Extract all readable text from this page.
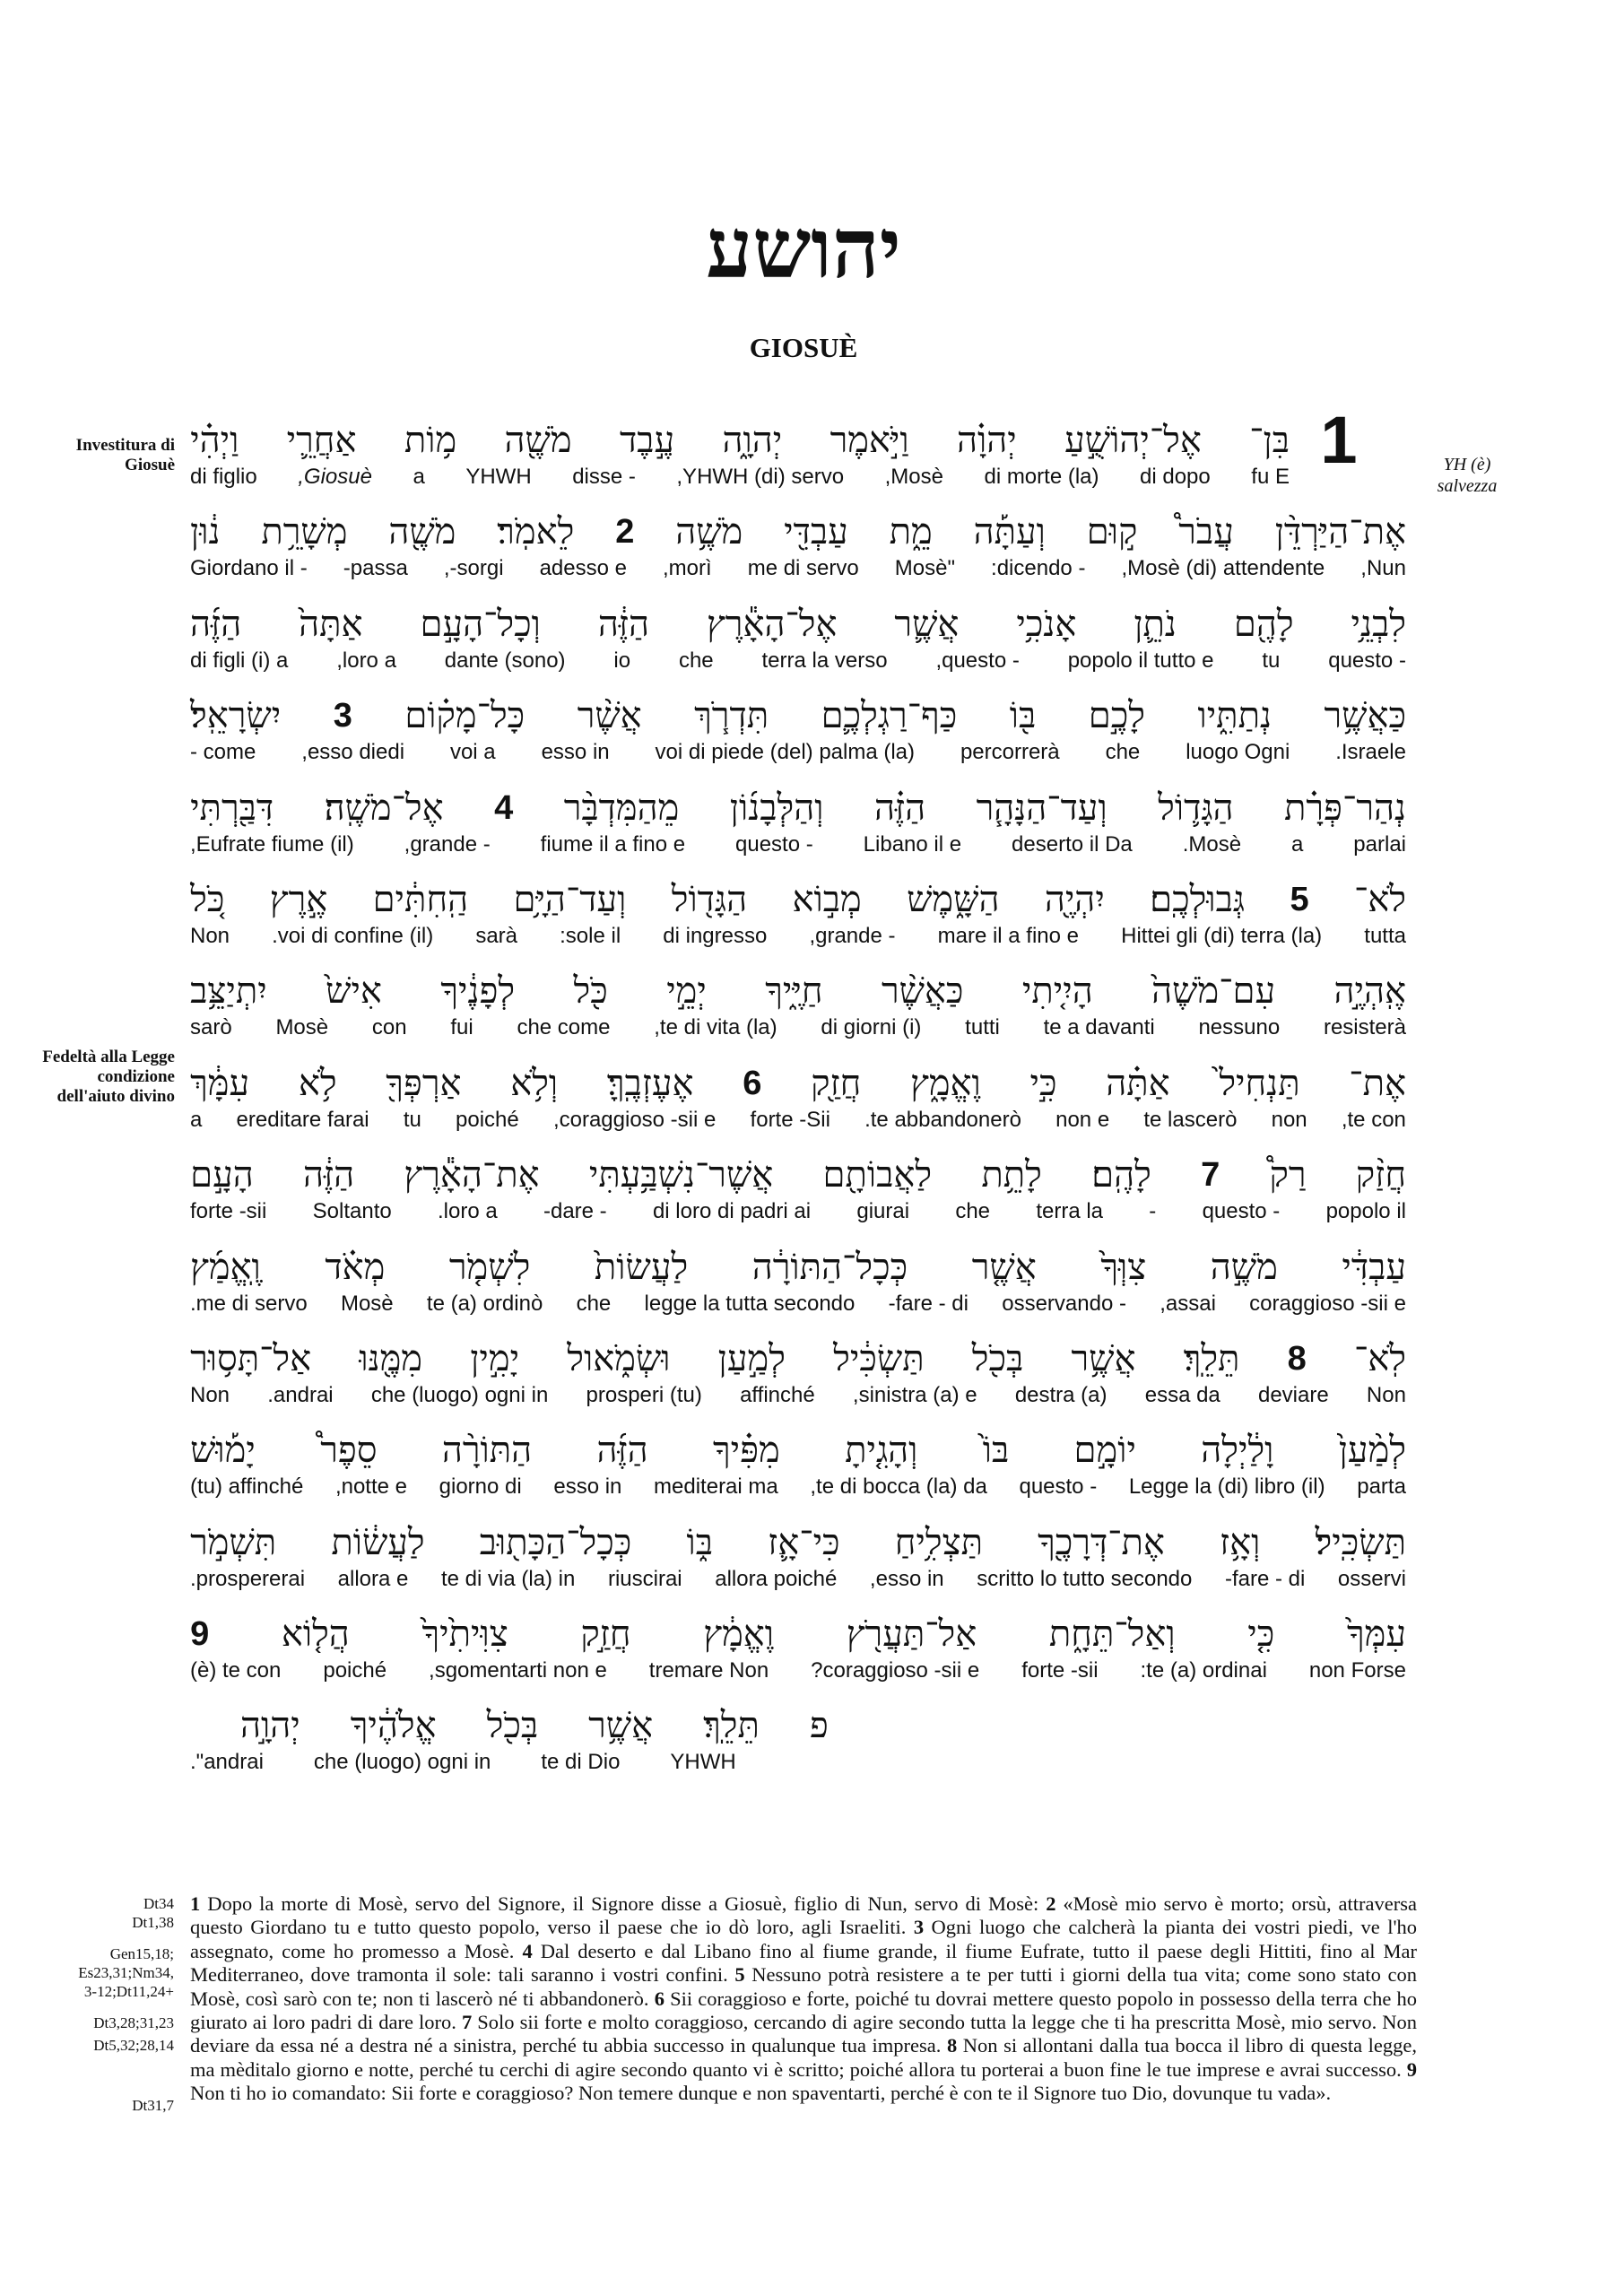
יהושע
GIOSUÈ
Investitura di Giosuè
Fedeltà alla Legge condizione dell'aiuto divino
YH (è) salvezza
1
וַיְהִ֗י אַחֲרֵ֛י מ֥וֹת מֹשֶׁ֖ה עֶ֣בֶד יְהוָ֑ה וַיֹּ֣אמֶר יְהוָ֗ה אֶל־יְהוֹשֻׁ֣עַ בִּן־
di figlio ,Giosuè a YHWH disse - ,YHWH (di) servo ,Mosè di morte (la) di dopo fu E
נ֔וּן מְשָׁרֵ֥ת מֹשֶׁ֖ה לֵאמֹֽר׃ 2 מֹשֶׁ֥ה עַבְדִּ֖י מֵ֑ת וְעַתָּ֡ה ק֣וּם עֲבֹר֩ אֶת־הַיַּרְדֵּ֨ן
Giordano il - -passa ,-sorgi adesso e ,morì me di servo Mosè" :dicendo - ,Mosè (di) attendente ,Nun
הַזֶּ֜ה אַתָּה֙ וְכָל־הָעָ֣ם הַזֶּ֔ה אֶל־הָאָ֕רֶץ אֲשֶׁ֛ר אָנֹכִ֥י נֹתֵ֛ן לָהֶ֖ם לִבְנֵ֥י
di figli (i) a ,loro a dante (sono) io che terra la verso ,questo - popolo il tutto e tu questo -
יִשְׂרָאֵֽל׃ 3 כָּל־מָק֗וֹם אֲשֶׁ֨ר תִּדְרֹ֧ךְ כַּף־רַגְלְכֶ֛ם בּ֖וֹ לָכֶ֣ם נְתַתִּ֑יו כַּאֲשֶׁ֥ר
- come ,esso diedi voi a esso in voi di piede (del) palma (la) percorrerà che luogo Ogni .Israele
דִּבַּ֖רְתִּי אֶל־מֹשֶֽׁה׃ 4 מֵהַמִּדְבָּ֨ר וְהַלְּבָנ֜וֹן הַזֶּ֗ה וְעַד־הַנָּהָ֧ר הַגָּד֛וֹל נְהַר־פְּרָ֗ת
,Eufrate fiume (il) ,grande - fiume il a fino e questo - Libano il e deserto il Da .Mosè a parlai
כֹּ֚ל אֶ֣רֶץ הַֽחִתִּ֔ים וְעַד־הַיָּ֥ם הַגָּד֖וֹל מְב֣וֹא הַשָּׁ֑מֶשׁ יִהְיֶ֖ה גְּבוּלְכֶֽם׃ 5 לֹא־
Non .voi di confine (il) sarà :sole il di ingresso ,grande - mare il a fino e Hittei gli (di) terra (la) tutta
יִתְיַצֵּ֥ב אִישׁ֙ לְפָנֶ֔יךָ כֹּ֖ל יְמֵ֣י חַיֶּ֑יךָ כַּאֲשֶׁ֨ר הָיִ֤יתִי עִם־מֹשֶׁה֙ אֶֽהְיֶ֣ה
sarò Mosè con fui che come ,te di vita (la) di giorni (i) tutti te a davanti nessuno resisterà
עִמָּ֔ךְ לֹ֥א אַרְפְּךָ֖ וְלֹ֥א אֶעֶזְבֶֽךָּ׃ 6 חֲזַ֖ק וֶאֱמָ֑ץ כִּ֣י אַתָּ֗ה תַּנְחִיל֙ אֶת־
a ereditare farai tu poiché ,coraggioso -sii e forte -Sii .te abbandonerò non e te lascerò non ,te con
הָעָ֣ם הַזֶּ֔ה אֶת־הָאָ֕רֶץ אֲשֶׁר־נִשְׁבַּ֥עְתִּי לַאֲבוֹתָ֖ם לָתֵ֥ת לָהֶֽם׃ 7 רַק֩ חֲזַ֨ק
forte -sii Soltanto .loro a -dare - di loro di padri ai giurai che terra la - questo - popolo il
וֶֽאֱמַ֜ץ מְאֹ֗ד לִשְׁמֹ֤ר לַעֲשׂוֹת֙ כְּכָל־הַתּוֹרָ֔ה אֲשֶׁ֤ר צִוְּךָ֙ מֹשֶׁ֣ה עַבְדִּ֔י
.me di servo Mosè te (a) ordinò che legge la tutta secondo -fare - di osservando - ,assai coraggioso -sii e
אַל־תָּס֥וּר מִמֶּ֖נּוּ יָמִ֣ין וּשְׂמֹ֑אול לְמַ֣עַן תַּשְׂכִּ֔יל בְּכֹ֖ל אֲשֶׁ֥ר תֵּלֵֽךְ׃ 8 לֹֽא־
Non .andrai che (luogo) ogni in prosperi (tu) affinché ,sinistra (a) e destra (a) essa da deviare Non
יָמ֡וּשׁ סֵפֶר֩ הַתּוֹרָ֨ה הַזֶּ֜ה מִפִּ֗יךָ וְהָגִ֤יתָ בּוֹ֙ יוֹמָ֣ם וָלַ֔יְלָה לְמַ֨עַן֙
(tu) affinché ,notte e giorno di esso in mediterai ma ,te di bocca (la) da questo - Legge la (di) libro (il) parta
תִּשְׁמֹ֣ר לַעֲשׂ֔וֹת כְּכָל־הַכָּת֖וּב בּ֑וֹ כִּי־אָ֛ז תַּצְלִ֥יחַ אֶת־דְּרָכֶ֖ךָ וְאָ֥ז תַּשְׂכִּֽיל׃
.prospererai allora e te di via (la) in riuscirai allora poiché ,esso in scritto lo tutto secondo -fare - di osservi
9 הֲל֤וֹא צִוִּיתִ֙יךָ֙ חֲזַ֣ק וֶאֱמָ֔ץ אַל־תַּעֲרֹ֖ץ וְאַל־תֵּחָ֑ת כִּ֤י עִמְּךָ֙
(è) te con poiché ,sgomentarti non e tremare Non ?coraggioso -sii e forte -sii :te (a) ordinai non Forse
יְהוָ֣ה אֱלֹהֶ֔יךָ בְּכֹ֖ל אֲשֶׁ֥ר תֵּלֵֽךְ׃ פ
."andrai che (luogo) ogni in te di Dio YHWH
Dt34
Dt1,38
Gen15,18;
Es23,31;Nm34,
3-12;Dt11,24+
Dt3,28;31,23
Dt5,32;28,14
Dt31,7
1 Dopo la morte di Mosè, servo del Signore, il Signore disse a Giosuè, figlio di Nun, servo di Mosè: 2 «Mosè mio servo è morto; orsù, attraversa questo Giordano tu e tutto questo popolo, verso il paese che io dò loro, agli Israeliti. 3 Ogni luogo che calcherà la pianta dei vostri piedi, ve l'ho assegnato, come ho promesso a Mosè. 4 Dal deserto e dal Libano fino al fiume grande, il fiume Eufrate, tutto il paese degli Hittiti, fino al Mar Mediterraneo, dove tramonta il sole: tali saranno i vostri confini. 5 Nessuno potrà resistere a te per tutti i giorni della tua vita; come sono stato con Mosè, così sarò con te; non ti lascerò né ti abbandonerò. 6 Sii coraggioso e forte, poiché tu dovrai mettere questo popolo in possesso della terra che ho giurato ai loro padri di dare loro. 7 Solo sii forte e molto coraggioso, cercando di agire secondo tutta la legge che ti ha prescritta Mosè, mio servo. Non deviare da essa né a destra né a sinistra, perché tu abbia successo in qualunque tua impresa. 8 Non si allontani dalla tua bocca il libro di questa legge, ma mèditalo giorno e notte, perché tu cerchi di agire secondo quanto vi è scritto; poiché allora tu porterai a buon fine le tue imprese e avrai successo. 9 Non ti ho io comandato: Sii forte e coraggioso? Non temere dunque e non spaventarti, perché è con te il Signore tuo Dio, dovunque tu vada».
